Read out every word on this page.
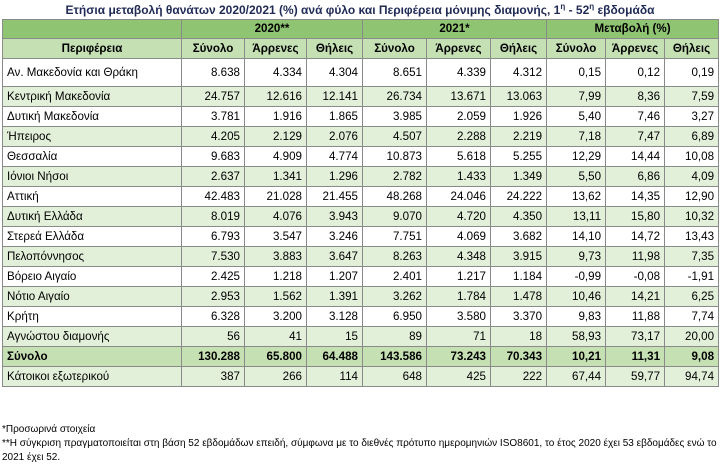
Ετήσια μεταβολή θανάτων 2020/2021 (%) ανά φύλο και Περιφέρεια μόνιμης διαμονής, $1^\eta - 52^\eta$ εβδομάδα
	2020**			2021*			Μεταβολή (%)		
Περιφέρεια	Σύνολο	Άρρενες	Θήλεις	Σύνολο	Άρρενες	Θήλεις	Σύνολο	Άρρενες	Θήλεις
Αν. Μακεδονία και Θράκη	8.638	4.334	4.304	8.651	4.339	4.312	0,15	0,12	0,19
Κεντρική Μακεδονία	24.757	12.616	12.141	26.734	13.671	13.063	7,99	8,36	7,59
Δυτική Μακεδονία	3.781	1.916	1.865	3.985	2.059	1.926	5,40	7,46	3,27
Ήπειρος	4.205	2.129	2.076	4.507	2.288	2.219	7,18	7,47	6,89
Θεσσαλία	9.683	4.909	4.774	10.873	5.618	5.255	12,29	14,44	10,08
Ιόνιοι Νήσοι	2.637	1.341	1.296	2.782	1.433	1.349	5,50	6,86	4,09
Αττική	42.483	21.028	21.455	48.268	24.046	24.222	13,62	14,35	12,90
Δυτική Ελλάδα	8.019	4.076	3.943	9.070	4.720	4.350	13,11	15,80	10,32
Στερεά Ελλάδα	6.793	3.547	3.246	7.751	4.069	3.682	14,10	14,72	13,43
Πελοπόννησος	7.530	3.883	3.647	8.263	4.348	3.915	9,73	11,98	7,35
Βόρειο Αιγαίο	2.425	1.218	1.207	2.401	1.217	1.184	-0,99	-0,08	-1,91
Νότιο Αιγαίο	2.953	1.562	1.391	3.262	1.784	1.478	10,46	14,21	6,25
Κρήτη	6.328	3.200	3.128	6.950	3.580	3.370	9,83	11,88	7,74
Αγνώστου διαμονής	56	41	15	89	71	18	58,93	73,17	20,00
Σύνολο	130.288	65.800	64.488	143.586	73.243	70.343	10,21	11,31	9,08
Κάτοικοι εξωτερικού	387	266	114	648	425	222	67,44	59,77	94,74
*Προσωρινά στοιχεία
**Η σύγκριση πραγματοποιείται στη βάση 52 εβδομάδων επειδή, σύμφωνα με το διεθνές πρότυπο ημερομηνιών ISO8601, το έτος 2020 έχει 53 εβδομάδες ενώ το 2021 έχει 52.
